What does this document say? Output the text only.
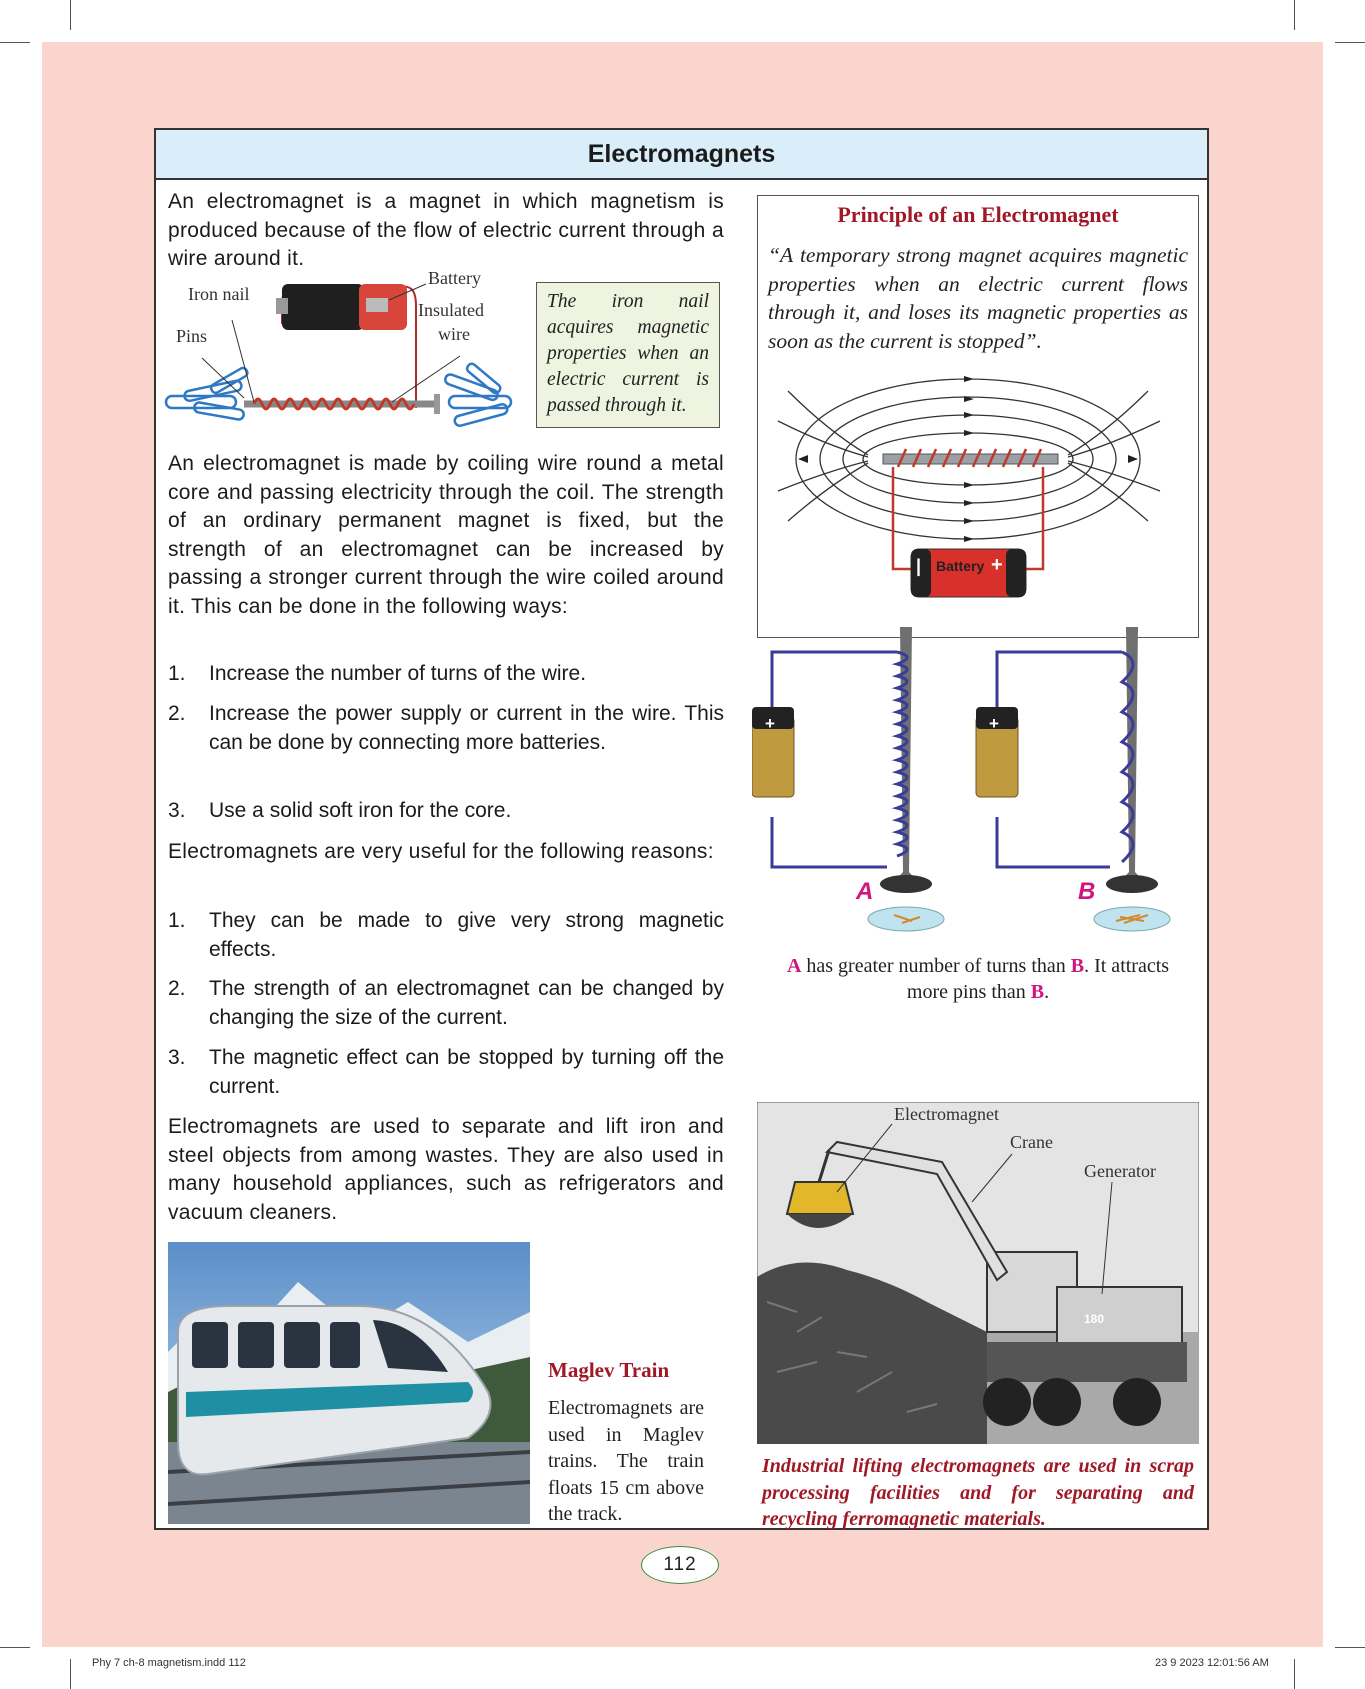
Electromagnets
An electromagnet is a magnet in which magnetism is produced because of the flow of electric current through a wire around it.
Iron nail
Pins
Battery
Insulated
wire
The iron nail acquires magnetic properties when an electric current is passed through it.
An electromagnet is made by coiling wire round a metal core and passing electricity through the coil. The strength of an ordinary permanent magnet is fixed, but the strength of an electromagnet can be increased by passing a stronger current through the wire coiled around it. This can be done in the following ways:
1. Increase the number of turns of the wire.
2. Increase the power supply or current in the wire. This can be done by connecting more batteries.
3. Use a solid soft iron for the core.
Electromagnets are very useful for the following reasons:
1. They can be made to give very strong magnetic effects.
2. The strength of an electromagnet can be changed by changing the size of the current.
3. The magnetic effect can be stopped by turning off the current.
Electromagnets are used to separate and lift iron and steel objects from among wastes. They are also used in many household appliances, such as refrigerators and vacuum cleaners.
Maglev Train
Electromagnets are used in Maglev trains. The train floats 15 cm above the track.
Principle of an Electromagnet
“A temporary strong magnet acquires magnetic properties when an electric current flows through it, and loses its magnetic properties as soon as the current is stopped”.
| Battery +
+	+
A	B
A has greater number of turns than B. It attracts
more pins than B.
Electromagnet
Crane
Generator
180
Industrial lifting electromagnets are used in scrap processing facilities and for separating and recycling ferromagnetic materials.
112
Phy 7 ch-8 magnetism.indd 112	23 9 2023 12:01:56 AM
